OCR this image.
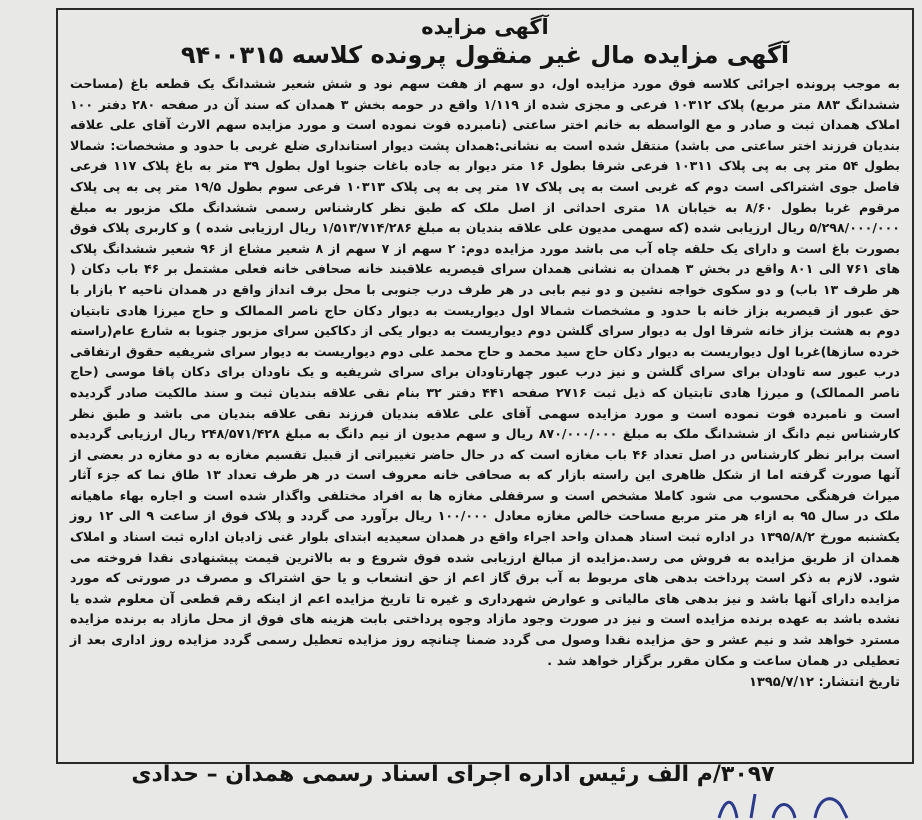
آگهی مزایده
آگهی مزایده مال غیر منقول پرونده کلاسه ۹۴۰۰۳۱۵

به موجب پرونده اجرائی کلاسه فوق مورد مزایده اول، دو سهم از هفت سهم نود و شش شعیر ششدانگ یک قطعه باغ (مساحت ششدانگ ۸۸۳ متر مربع) پلاک ۱۰۳۱۲ فرعی و مجزی شده از ۱/۱۱۹ واقع در حومه بخش ۳ همدان که سند آن در صفحه ۲۸۰ دفتر ۱۰۰ املاک همدان ثبت و صادر و مع الواسطه به خانم اختر ساعتی (نامبرده فوت نموده است و مورد مزایده سهم الارث آقای علی علاقه بندیان فرزند اختر ساعتی می باشد) منتقل شده است به نشانی:همدان پشت دیوار استانداری ضلع غربی با حدود و مشخصات: شمالا بطول ۵۴ متر پی به پی پلاک ۱۰۳۱۱ فرعی شرقا بطول ۱۶ متر دیوار به جاده باغات جنوبا اول بطول ۳۹ متر به باغ پلاک ۱۱۷ فرعی فاصل جوی اشتراکی است دوم که غربی است به پی پلاک ۱۷ متر پی به پی پلاک ۱۰۳۱۳ فرعی سوم بطول ۱۹/۵ متر پی به پی پلاک مرقوم غربا بطول ۸/۶۰ به خیابان ۱۸ متری احداثی از اصل ملک که طبق نظر کارشناس رسمی ششدانگ ملک مزبور به مبلغ ۵/۲۹۸/۰۰۰/۰۰۰ ریال ارزیابی شده (که سهمی مدیون علی علاقه بندیان به مبلغ ۱/۵۱۳/۷۱۴/۲۸۶ ریال ارزیابی شده ) و کاربری پلاک فوق بصورت باغ است و دارای یک حلقه چاه آب می باشد مورد مزایده دوم: ۲ سهم از ۷ سهم از ۸ شعیر مشاع از ۹۶ شعیر ششدانگ پلاک های ۷۶۱ الی ۸۰۱ واقع در بخش ۳ همدان به نشانی همدان سرای قیصریه علاقبند خانه صحافی خانه فعلی مشتمل بر ۴۶ باب دکان ( هر طرف ۱۳ باب) و دو سکوی خواجه نشین و دو نیم بابی در هر طرف درب جنوبی با محل برف انداز واقع در همدان ناحیه ۲ بازار با حق عبور از قیصریه بزاز خانه با حدود و مشخصات شمالا اول دیواریست به دیوار دکان حاج ناصر الممالک و حاج میرزا هادی تابتیان دوم به هشت بزاز خانه شرقا اول به دیوار سرای گلشن دوم دیواریست به دیوار یکی از دکاکین سرای مزبور جنوبا به شارع عام(راسته خرده سازها)غربا اول دیواریست به دیوار دکان حاج سید محمد و حاج محمد علی دوم دیواریست به دیوار سرای شریفیه حقوق ارتفاقی درب عبور سه تاودان برای سرای گلشن و نیز درب عبور چهارتاودان برای سرای شریفیه و یک ناودان برای دکان پاقا موسی (حاج ناصر الممالک) و میرزا هادی تابتیان که ذیل ثبت ۲۷۱۶ صفحه ۴۴۱ دفتر ۳۲ بنام نقی علاقه بندیان ثبت و سند مالکیت صادر گردیده است و نامبرده فوت نموده است و مورد مزایده سهمی آقای علی علاقه بندیان فرزند نقی علاقه بندیان می باشد و طبق نظر کارشناس نیم دانگ از ششدانگ ملک به مبلغ ۸۷۰/۰۰۰/۰۰۰ ریال و سهم مدیون از نیم دانگ به مبلغ ۲۴۸/۵۷۱/۴۲۸ ریال ارزیابی گردیده است برابر نظر کارشناس در اصل تعداد ۴۶ باب مغازه است که در حال حاضر تغییراتی از قبیل تقسیم مغازه به دو مغازه در بعضی از آنها صورت گرفته اما از شکل ظاهری این راسته بازار که به صحافی خانه معروف است در هر طرف تعداد ۱۳ طاق نما که جزء آثار میراث فرهنگی محسوب می شود کاملا مشخص است و سرقفلی مغازه ها به افراد مختلفی واگذار شده است و اجاره بهاء ماهیانه ملک در سال ۹۵ به ازاء هر متر مربع مساحت خالص مغازه معادل ۱۰۰/۰۰۰ ریال برآورد می گردد و پلاک فوق از ساعت ۹ الی ۱۲ روز یکشنبه مورخ ۱۳۹۵/۸/۲ در اداره ثبت اسناد همدان واحد اجراء واقع در همدان سعیدیه ابتدای بلوار غنی زادیان اداره ثبت اسناد و املاک همدان از طریق مزایده به فروش می رسد.مزایده از مبالغ ارزیابی شده فوق شروع و به بالاترین قیمت پیشنهادی نقدا فروخته می شود. لازم به ذکر است پرداخت بدهی های مربوط به آب برق گاز اعم از حق انشعاب و یا حق اشتراک و مصرف در صورتی که مورد مزایده دارای آنها باشد و نیز بدهی های مالیاتی و عوارض شهرداری و غیره تا تاریخ مزایده اعم از اینکه رقم قطعی آن معلوم شده یا نشده باشد به عهده برنده مزایده است و نیز در صورت وجود مازاد وجوه پرداختی بابت هزینه های فوق از محل مازاد به برنده مزایده مسترد خواهد شد و نیم عشر و حق مزایده نقدا وصول می گردد ضمنا چنانچه روز مزایده تعطیل رسمی گردد مزایده روز اداری بعد از تعطیلی در همان ساعت و مکان مقرر برگزار خواهد شد .

تاریخ انتشار: ۱۳۹۵/۷/۱۲

۳۰۹۷/م الف رئیس اداره اجرای اسناد رسمی همدان – حدادی
